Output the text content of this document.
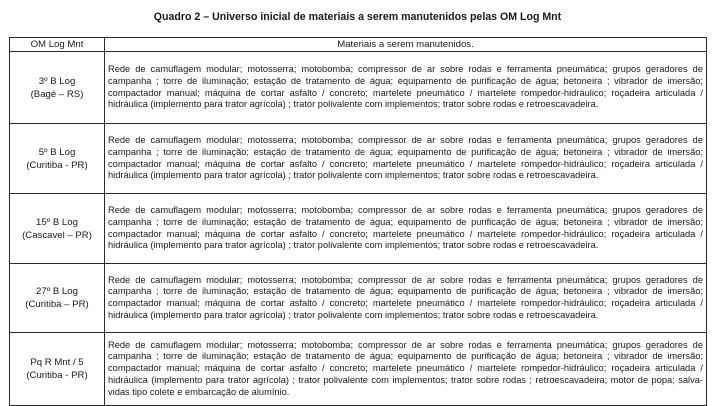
Quadro 2 – Universo inicial de materiais a serem manutenidos pelas OM Log Mnt
OM Log Mnt	Materiais a serem manutenidos.

3º B Log
(Bagé – RS)	Rede de camuflagem modular; motosserra; motobomba; compressor de ar sobre rodas e ferramenta pneumática; grupos geradores de campanha ; torre de iluminação; estação de tratamento de água; equipamento de purificação de água; betoneira ; vibrador de imersão; compactador manual; máquina de cortar asfalto / concreto; martelete pneumático / martelete rompedor-hidráulico; roçadeira articulada / hidráulica (implemento para trator agrícola) ; trator polivalente com implementos; trator sobre rodas e retroescavadeira.

5º B Log
(Curitiba - PR)	Rede de camuflagem modular; motosserra; motobomba; compressor de ar sobre rodas e ferramenta pneumática; grupos geradores de campanha ; torre de iluminação; estação de tratamento de água; equipamento de purificação de água; betoneira ; vibrador de imersão; compactador manual; máquina de cortar asfalto / concreto; martelete pneumático / martelete rompedor-hidráulico; roçadeira articulada / hidráulica (implemento para trator agrícola) ; trator polivalente com implementos; trator sobre rodas e retroescavadeira.

15º B Log
(Cascavel – PR)	Rede de camuflagem modular; motosserra; motobomba; compressor de ar sobre rodas e ferramenta pneumática; grupos geradores de campanha ; torre de iluminação; estação de tratamento de água; equipamento de purificação de água; betoneira ; vibrador de imersão; compactador manual; máquina de cortar asfalto / concreto; martelete pneumático / martelete rompedor-hidráulico; roçadeira articulada / hidráulica (implemento para trator agrícola) ; trator polivalente com implementos; trator sobre rodas e retroescavadeira.

27º B Log
(Curitiba – PR)	Rede de camuflagem modular; motosserra; motobomba; compressor de ar sobre rodas e ferramenta pneumática; grupos geradores de campanha ; torre de iluminação; estação de tratamento de água; equipamento de purificação de água; betoneira ; vibrador de imersão; compactador manual; máquina de cortar asfalto / concreto; martelete pneumático / martelete rompedor-hidráulico; roçadeira articulada / hidráulica (implemento para trator agrícola) ; trator polivalente com implementos; trator sobre rodas e retroescavadeira.

Pq R Mnt / 5
(Curitiba - PR)	Rede de camuflagem modular; motosserra; motobomba; compressor de ar sobre rodas e ferramenta pneumática; grupos geradores de campanha ; torre de iluminação; estação de tratamento de água; equipamento de purificação de água; betoneira ; vibrador de imersão; compactador manual; máquina de cortar asfalto / concreto; martelete pneumático / martelete rompedor-hidráulico; roçadeira articulada / hidráulica (implemento para trator agrícola) ; trator polivalente com implementos; trator sobre rodas ; retroescavadeira; motor de popa; salva-vidas tipo colete e embarcação de alumínio.
